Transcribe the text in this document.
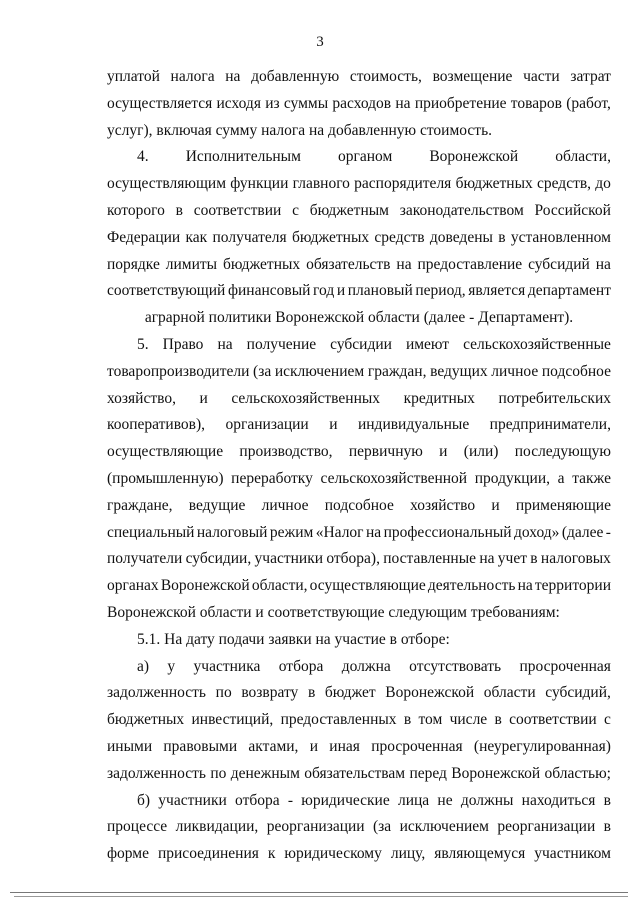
3
уплатой налога на добавленную стоимость, возмещение части затрат
осуществляется исходя из суммы расходов на приобретение товаров (работ,
услуг), включая сумму налога на добавленную стоимость.
4. Исполнительным органом Воронежской области,
осуществляющим функции главного распорядителя бюджетных средств, до
которого в соответствии с бюджетным законодательством Российской
Федерации как получателя бюджетных средств доведены в установленном
порядке лимиты бюджетных обязательств на предоставление субсидий на
соответствующий финансовый год и плановый период, является департамент
аграрной политики Воронежской области (далее - Департамент).
5. Право на получение субсидии имеют сельскохозяйственные
товаропроизводители (за исключением граждан, ведущих личное подсобное
хозяйство, и сельскохозяйственных кредитных потребительских
кооперативов), организации и индивидуальные предприниматели,
осуществляющие производство, первичную и (или) последующую
(промышленную) переработку сельскохозяйственной продукции, а также
граждане, ведущие личное подсобное хозяйство и применяющие
специальный налоговый режим «Налог на профессиональный доход» (далее -
получатели субсидии, участники отбора), поставленные на учет в налоговых
органах Воронежской области, осуществляющие деятельность на территории
Воронежской области и соответствующие следующим требованиям:
5.1. На дату подачи заявки на участие в отборе:
а) у участника отбора должна отсутствовать просроченная
задолженность по возврату в бюджет Воронежской области субсидий,
бюджетных инвестиций, предоставленных в том числе в соответствии с
иными правовыми актами, и иная просроченная (неурегулированная)
задолженность по денежным обязательствам перед Воронежской областью;
б) участники отбора - юридические лица не должны находиться в
процессе ликвидации, реорганизации (за исключением реорганизации в
форме присоединения к юридическому лицу, являющемуся участником
